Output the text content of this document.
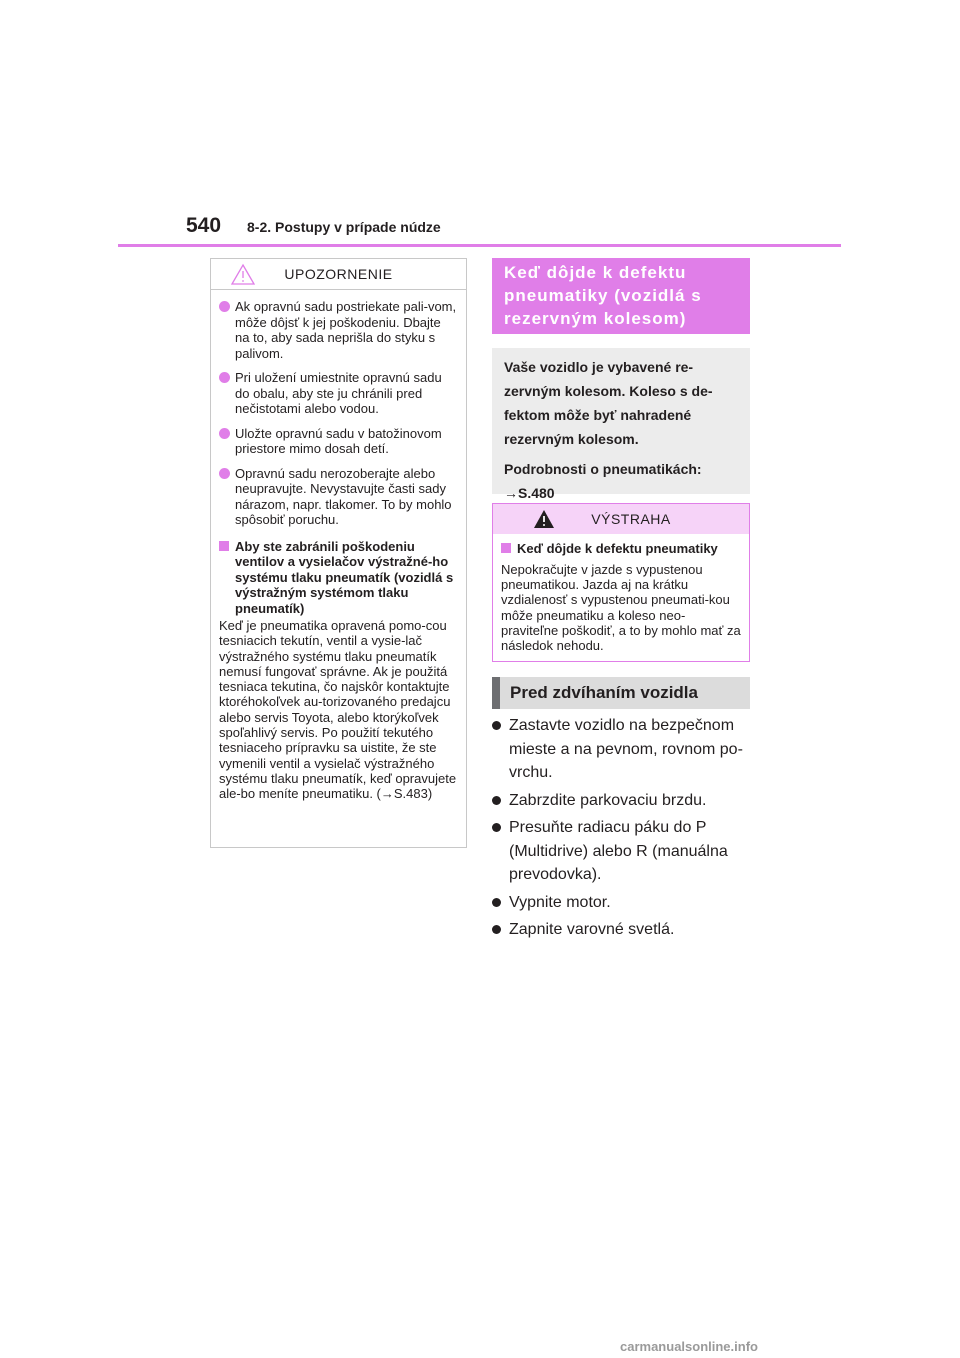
540 8-2. Postupy v prípade núdze
UPOZORNENIE
Ak opravnú sadu postriekate pali-vom, môže dôjsť k jej poškodeniu. Dbajte na to, aby sada neprišla do styku s palivom.
Pri uložení umiestnite opravnú sadu do obalu, aby ste ju chránili pred nečistotami alebo vodou.
Uložte opravnú sadu v batožinovom priestore mimo dosah detí.
Opravnú sadu nerozoberajte alebo neupravujte. Nevystavujte časti sady nárazom, napr. tlakomer. To by mohlo spôsobiť poruchu.
Aby ste zabránili poškodeniu ventilov a vysielačov výstražné-ho systému tlaku pneumatík (vozidlá s výstražným systémom tlaku pneumatík)
Keď je pneumatika opravená pomo-cou tesniacich tekutín, ventil a vysie-lač výstražného systému tlaku pneumatík nemusí fungovať správne. Ak je použitá tesniaca tekutina, čo najskôr kontaktujte ktoréhokoľvek au-torizovaného predajcu alebo servis Toyota, alebo ktorýkoľvek spoľahlivý servis. Po použití tekutého tesniaceho prípravku sa uistite, že ste vymenili ventil a vysielač výstražného systému tlaku pneumatík, keď opravujete ale-bo meníte pneumatiku. (→S.483)
Keď dôjde k defektu pneumatiky (vozidlá s rezervným kolesom)

Vaše vozidlo je vybavené re-zervným kolesom. Koleso s de-fektom môže byť nahradené rezervným kolesom.

Podrobnosti o pneumatikách:

→S.480

VÝSTRAHA
Keď dôjde k defektu pneumatiky
Nepokračujte v jazde s vypustenou pneumatikou. Jazda aj na krátku vzdialenosť s vypustenou pneumati-kou môže pneumatiku a koleso neo-praviteľne poškodiť, a to by mohlo mať za následok nehodu.
Pred zdvíhaním vozidla
Zastavte vozidlo na bezpečnom mieste a na pevnom, rovnom po-vrchu.
Zabrzdite parkovaciu brzdu.
Presuňte radiacu páku do P (Multidrive) alebo R (manuálna prevodovka).
Vypnite motor.
Zapnite varovné svetlá.
carmanualsonline.info
